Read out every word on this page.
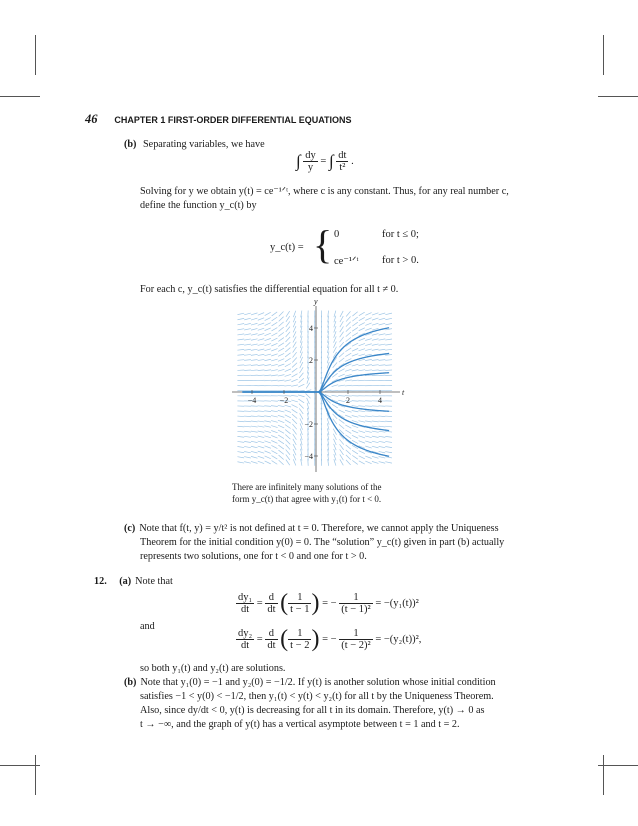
46 CHAPTER 1 FIRST-ORDER DIFFERENTIAL EQUATIONS
(b) Separating variables, we have
∫ $\frac{dy}{y}$ = ∫ $\frac{dt}{\text{t²}}$ .
Solving for y we obtain y(t) = ce⁻¹ᐟᵗ, where c is any constant. Thus, for any real number c,
define the function y_c(t) by
y_c(t) = { 0	for t ≤ 0;
ce⁻¹ᐟᵗ for t > 0.
For each c, y_c(t) satisfies the differential equation for all t ≠ 0.
t
y
−4	−2	2	4
4
2
−2
−4
There are infinitely many solutions of the
form y_c(t) that agree with y₁(t) for t < 0.
(c) Note that f(t, y) = y/t² is not defined at t = 0. Therefore, we cannot apply the Uniqueness
Theorem for the initial condition y(0) = 0. The “solution” y_c(t) given in part (b) actually
represents two solutions, one for t < 0 and one for t > 0.
12. (a) Note that
$\frac{\text{dy₁}}{dt} = \frac{d}{dt}$ ( $\frac{1}{t - 1}$ ) = − $\frac{1}{\text{(t − 1)²}} = -(y_1(t))^2$
and
$\frac{\text{dy₂}}{dt} = \frac{d}{dt}$ ( $\frac{1}{t - 2}$ ) = − $\frac{1}{\text{(t − 2)²}} = -(y_2(t))^2$,
so both y₁(t) and y₂(t) are solutions.
(b) Note that y₁(0) = −1 and y₂(0) = −1/2. If y(t) is another solution whose initial condition
satisfies −1 < y(0) < −1/2, then y₁(t) < y(t) < y₂(t) for all t by the Uniqueness Theorem.
Also, since dy/dt < 0, y(t) is decreasing for all t in its domain. Therefore, y(t) → 0 as
t → −∞, and the graph of y(t) has a vertical asymptote between t = 1 and t = 2.
